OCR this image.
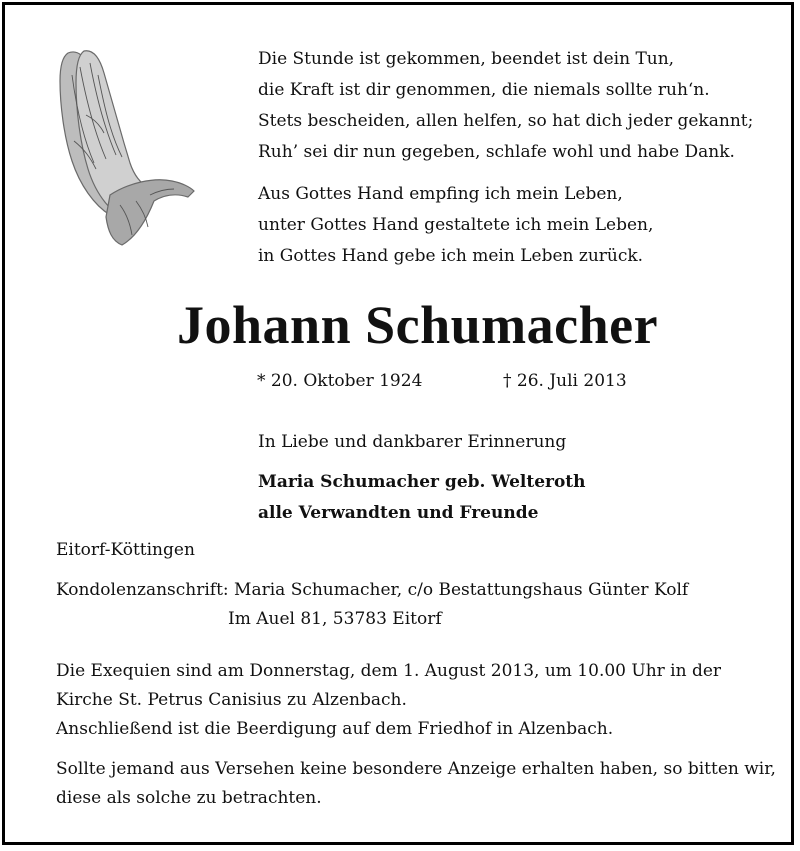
Die Stunde ist gekommen, beendet ist dein Tun,
die Kraft ist dir genommen, die niemals sollte ruh‘n.
Stets bescheiden, allen helfen, so hat dich jeder gekannt;
Ruh’ sei dir nun gegeben, schlafe wohl und habe Dank.
Aus Gottes Hand empfing ich mein Leben,
unter Gottes Hand gestaltete ich mein Leben,
in Gottes Hand gebe ich mein Leben zurück.
Johann Schumacher
* 20. Oktober 1924	† 26. Juli 2013
In Liebe und dankbarer Erinnerung
Maria Schumacher geb. Welteroth
alle Verwandten und Freunde
Eitorf-Köttingen
Kondolenzanschrift: Maria Schumacher, c/o Bestattungshaus Günter Kolf
Im Auel 81, 53783 Eitorf
Die Exequien sind am Donnerstag, dem 1. August 2013, um 10.00 Uhr in der
Kirche St. Petrus Canisius zu Alzenbach.
Anschließend ist die Beerdigung auf dem Friedhof in Alzenbach.
Sollte jemand aus Versehen keine besondere Anzeige erhalten haben, so bitten wir,
diese als solche zu betrachten.
